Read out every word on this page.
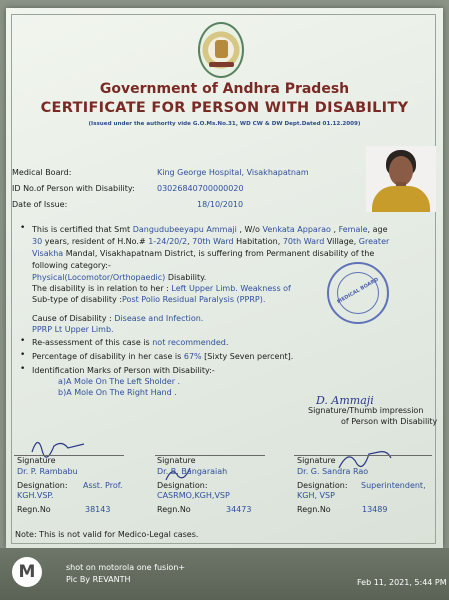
Government of Andhra Pradesh
CERTIFICATE FOR PERSON WITH DISABILITY
(Issued under the authority vide G.O.Ms.No.31, WD CW & DW Dept.Dated 01.12.2009)
Medical Board:	King George Hospital, Visakhapatnam
ID No.of Person with Disability:	03026840700000020
Date of Issue:	18/10/2010
• This is certified that Smt Dangudubeeyapu Ammaji , W/o Venkata Apparao , Female, age
30 years, resident of H.No.# 1-24/20/2, 70th Ward Habitation, 70th Ward Village, Greater
Visakha Mandal, Visakhapatnam District, is suffering from Permanent disability of the
following category:-
Physical(Locomotor/Orthopaedic) Disability.
The disability is in relation to her : Left Upper Limb. Weakness of
Sub-type of disability :Post Polio Residual Paralysis (PPRP).	MEDICAL BOARD
Cause of Disability : Disease and Infection.
PPRP Lt Upper Limb.
• Re-assessment of this case is not recommended.
• Percentage of disability in her case is 67% [Sixty Seven percent].
• Identification Marks of Person with Disability:-
a)A Mole On The Left Sholder .
b)A Mole On The Right Hand .
D. Ammaji
Signature/Thumb impression
of Person with Disability
Signature
Dr. P. Rambabu
Designation: Asst. Prof.
KGH.VSP.
Regn.No	38143
Signature
Dr. B. Bangaraiah
Designation:
CASRMO,KGH,VSP
Regn.No	34473
Signature
Dr. G. Sandra Rao
Designation: Superintendent,
KGH, VSP
Regn.No	13489
Note: This is not valid for Medico-Legal cases.
M	shot on motorola one fusion+
Pic By REVANTH	Feb 11, 2021, 5:44 PM
